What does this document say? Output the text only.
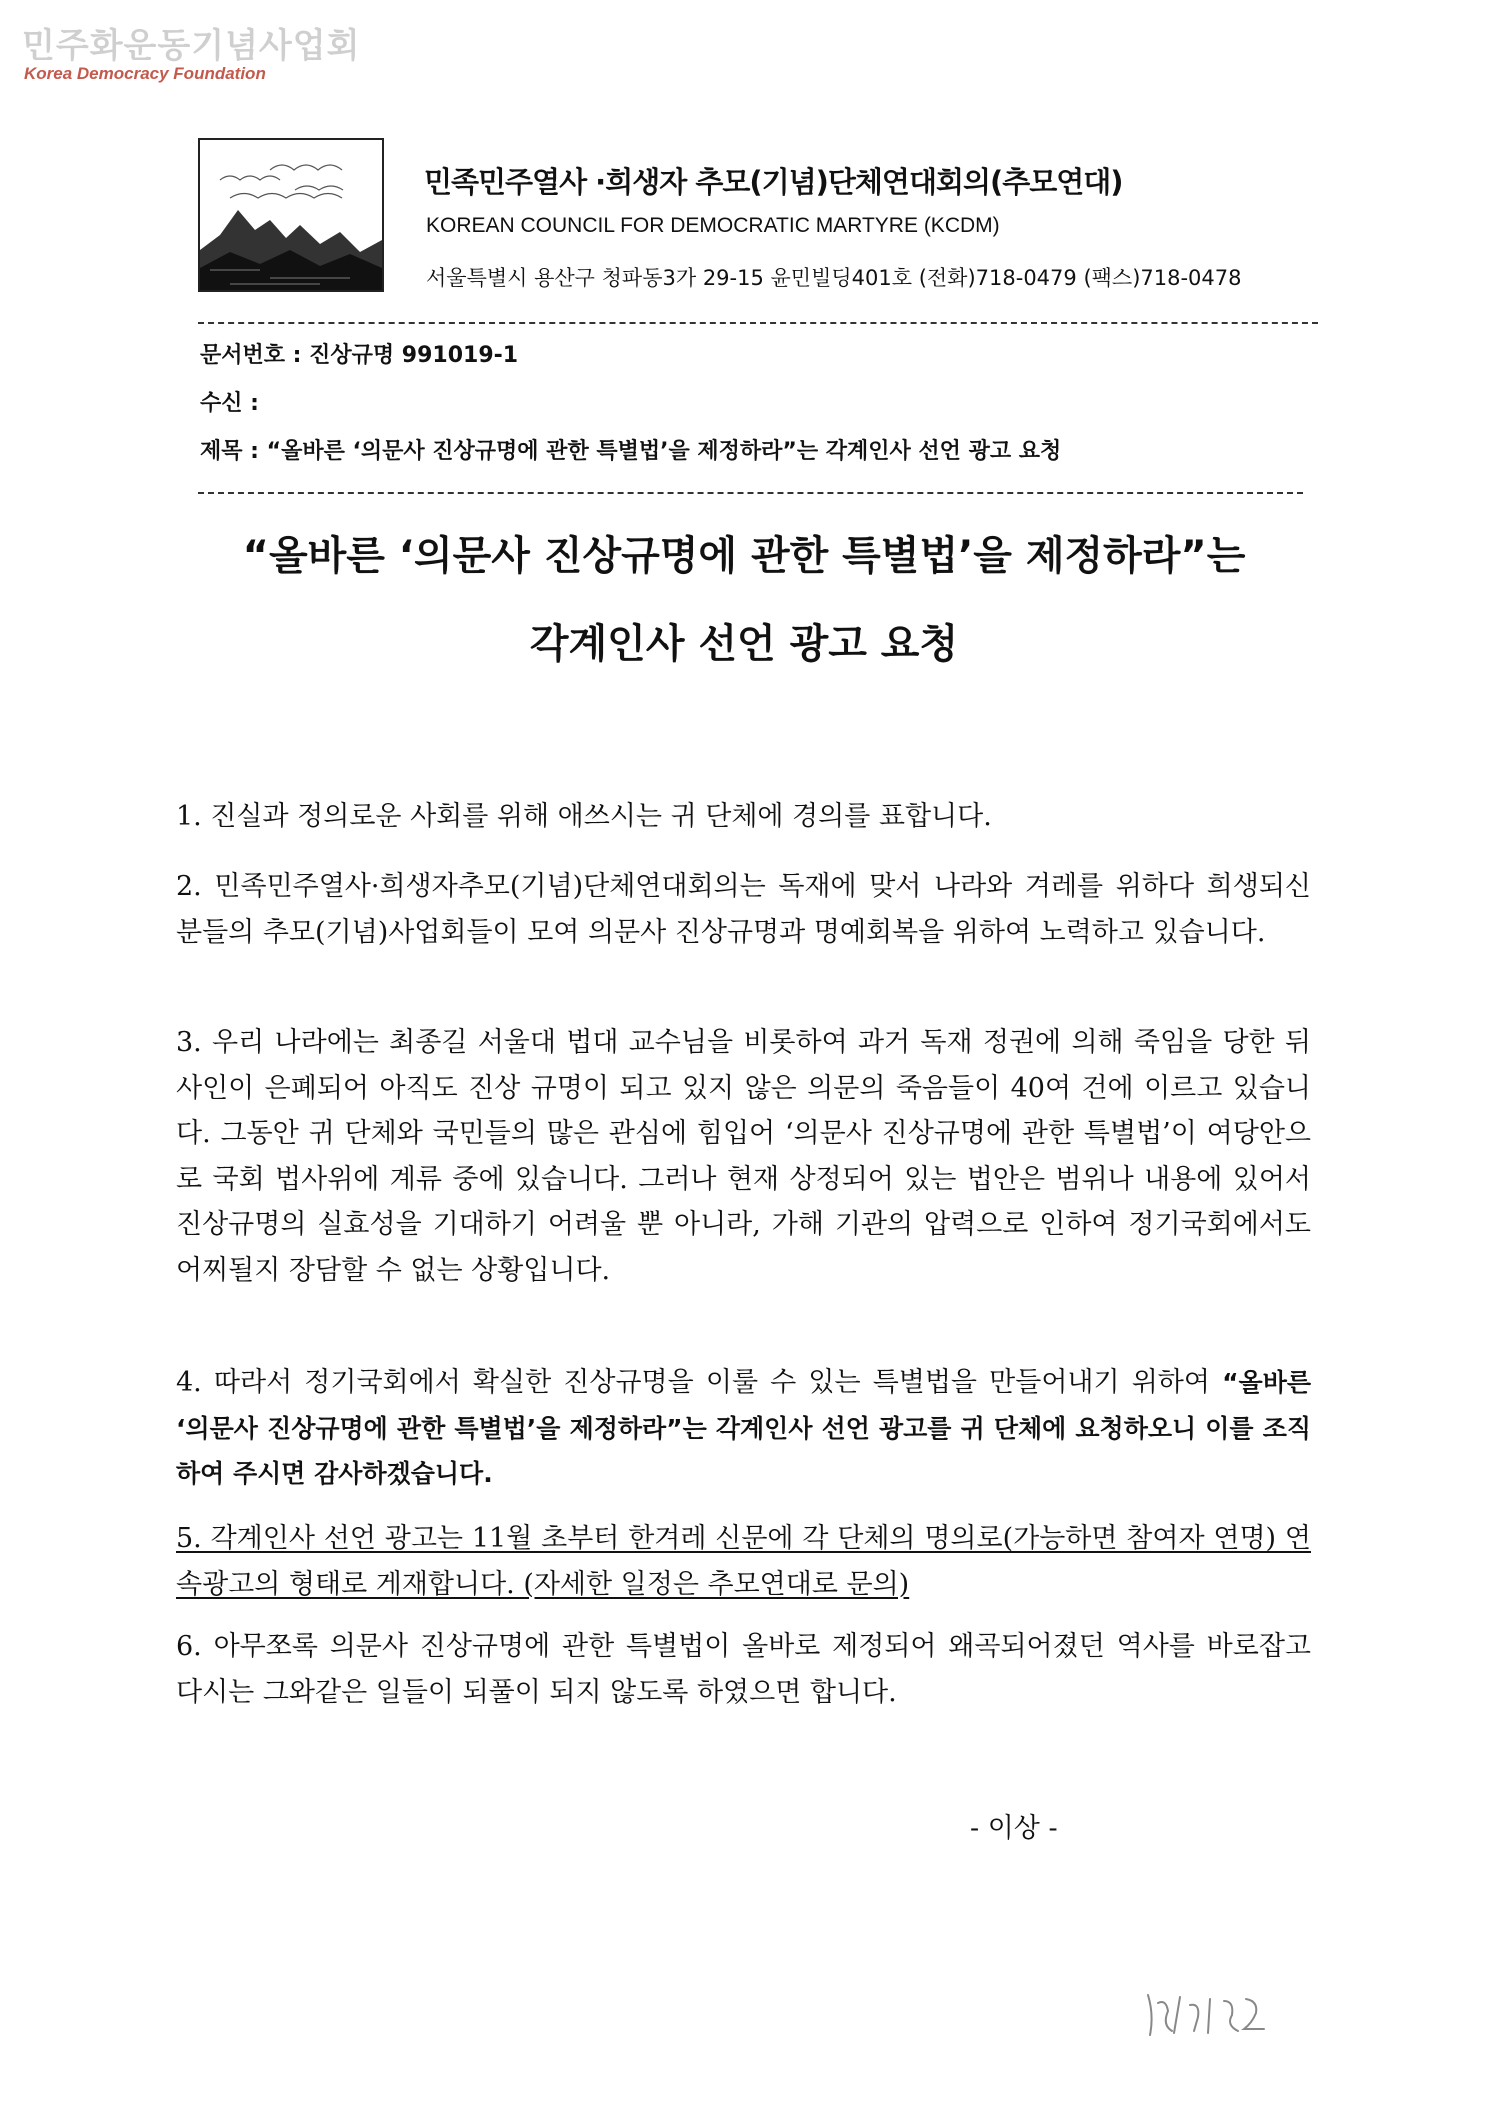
민주화운동기념사업회
Korea Democracy Foundation
민족민주열사 ·희생자 추모(기념)단체연대회의(추모연대)
KOREAN COUNCIL FOR DEMOCRATIC MARTYRE (KCDM)
서울특별시 용산구 청파동3가 29-15 윤민빌딩401호 (전화)718-0479 (팩스)718-0478
문서번호 : 진상규명 991019-1
수신 :
제목 : “올바른 ‘의문사 진상규명에 관한 특별법’을 제정하라”는 각계인사 선언 광고 요청
“올바른 ‘의문사 진상규명에 관한 특별법’을 제정하라”는
각계인사 선언 광고 요청
1. 진실과 정의로운 사회를 위해 애쓰시는 귀 단체에 경의를 표합니다.
2. 민족민주열사·희생자추모(기념)단체연대회의는 독재에 맞서 나라와 겨레를 위하다 희생되신 분들의 추모(기념)사업회들이 모여 의문사 진상규명과 명예회복을 위하여 노력하고 있습니다.
3. 우리 나라에는 최종길 서울대 법대 교수님을 비롯하여 과거 독재 정권에 의해 죽임을 당한 뒤 사인이 은폐되어 아직도 진상 규명이 되고 있지 않은 의문의 죽음들이 40여 건에 이르고 있습니다. 그동안 귀 단체와 국민들의 많은 관심에 힘입어 ‘의문사 진상규명에 관한 특별법’이 여당안으로 국회 법사위에 계류 중에 있습니다. 그러나 현재 상정되어 있는 법안은 범위나 내용에 있어서 진상규명의 실효성을 기대하기 어려울 뿐 아니라, 가해 기관의 압력으로 인하여 정기국회에서도 어찌될지 장담할 수 없는 상황입니다.
4. 따라서 정기국회에서 확실한 진상규명을 이룰 수 있는 특별법을 만들어내기 위하여 “올바른 ‘의문사 진상규명에 관한 특별법’을 제정하라”는 각계인사 선언 광고를 귀 단체에 요청하오니 이를 조직하여 주시면 감사하겠습니다.
5. 각계인사 선언 광고는 11월 초부터 한겨레 신문에 각 단체의 명의로(가능하면 참여자 연명) 연속광고의 형태로 게재합니다. (자세한 일정은 추모연대로 문의)
6. 아무쪼록 의문사 진상규명에 관한 특별법이 올바로 제정되어 왜곡되어졌던 역사를 바로잡고 다시는 그와같은 일들이 되풀이 되지 않도록 하였으면 합니다.
- 이상 -
